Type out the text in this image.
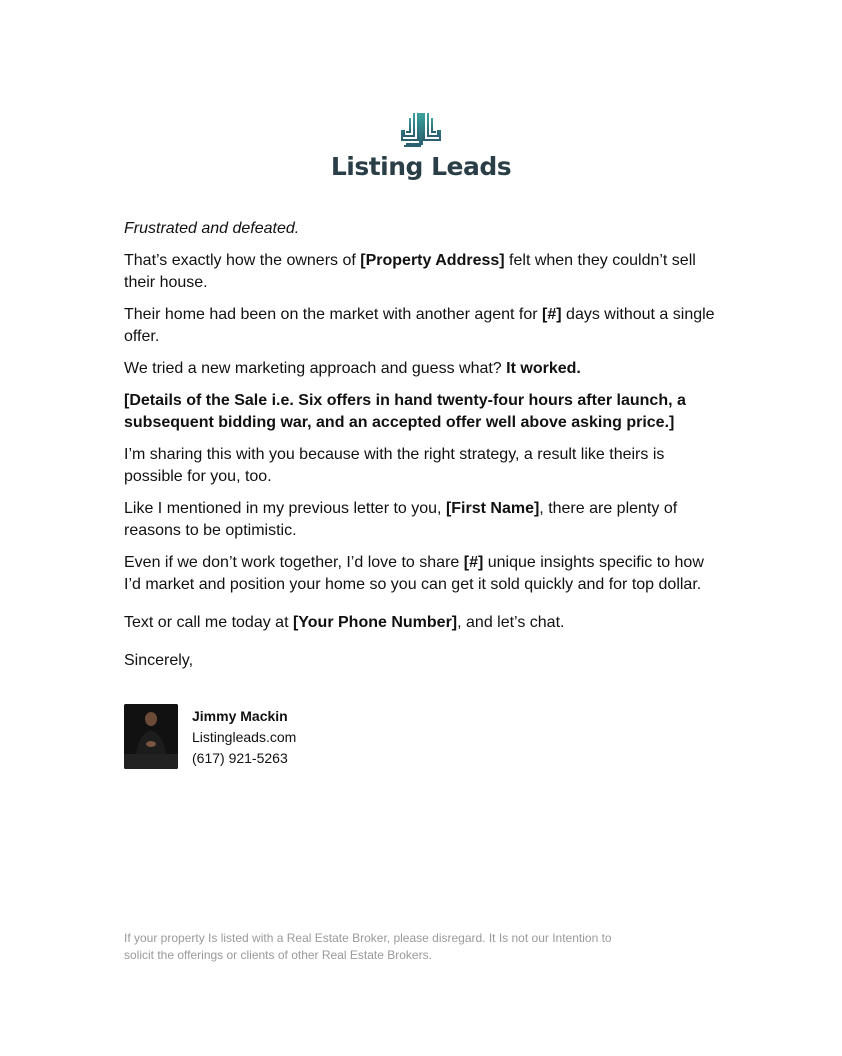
Listing Leads

Frustrated and defeated.

That’s exactly how the owners of [Property Address] felt when they couldn’t sell their house.

Their home had been on the market with another agent for [#] days without a single offer.

We tried a new marketing approach and guess what? It worked.

[Details of the Sale i.e. Six offers in hand twenty-four hours after launch, a subsequent bidding war, and an accepted offer well above asking price.]

I’m sharing this with you because with the right strategy, a result like theirs is possible for you, too.

Like I mentioned in my previous letter to you, [First Name], there are plenty of reasons to be optimistic.

Even if we don’t work together, I’d love to share [#] unique insights specific to how I’d market and position your home so you can get it sold quickly and for top dollar.

Text or call me today at [Your Phone Number], and let’s chat.

Sincerely,

Jimmy Mackin
Listingleads.com
(617) 921-5263
If your property Is listed with a Real Estate Broker, please disregard. It Is not our Intention to solicit the offerings or clients of other Real Estate Brokers.
